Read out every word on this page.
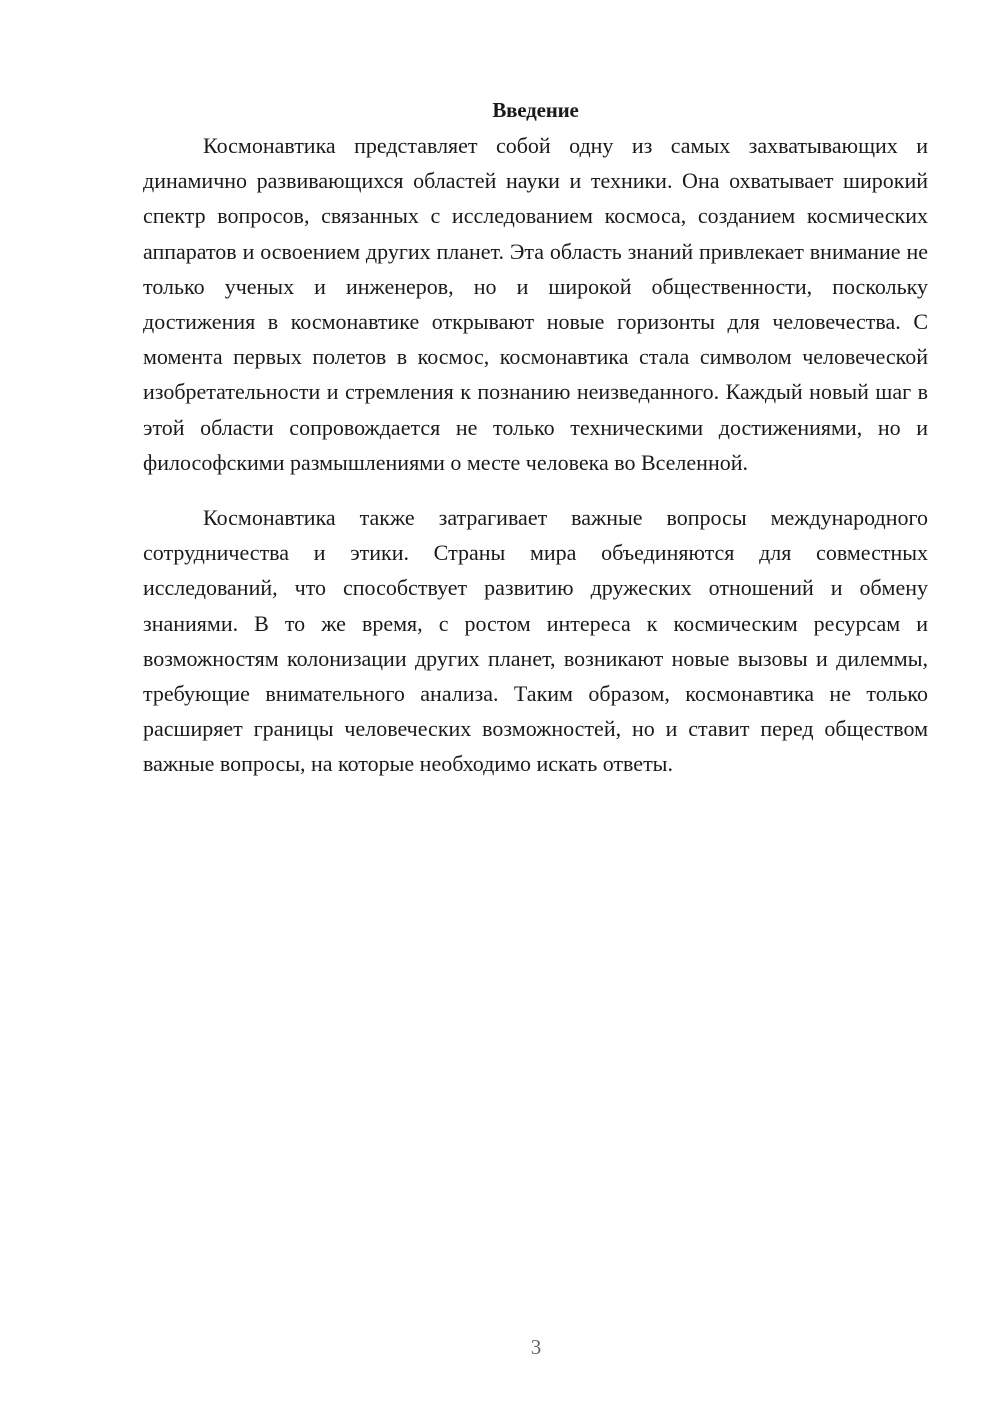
Введение

Космонавтика представляет собой одну из самых захватывающих и динамично развивающихся областей науки и техники. Она охватывает широкий спектр вопросов, связанных с исследованием космоса, созданием космических аппаратов и освоением других планет. Эта область знаний привлекает внимание не только ученых и инженеров, но и широкой общественности, поскольку достижения в космонавтике открывают новые горизонты для человечества. С момента первых полетов в космос, космонавтика стала символом человеческой изобретательности и стремления к познанию неизведанного. Каждый новый шаг в этой области сопровождается не только техническими достижениями, но и философскими размышлениями о месте человека во Вселенной.

Космонавтика также затрагивает важные вопросы международного сотрудничества и этики. Страны мира объединяются для совместных исследований, что способствует развитию дружеских отношений и обмену знаниями. В то же время, с ростом интереса к космическим ресурсам и возможностям колонизации других планет, возникают новые вызовы и дилеммы, требующие внимательного анализа. Таким образом, космонавтика не только расширяет границы человеческих возможностей, но и ставит перед обществом важные вопросы, на которые необходимо искать ответы.

3
